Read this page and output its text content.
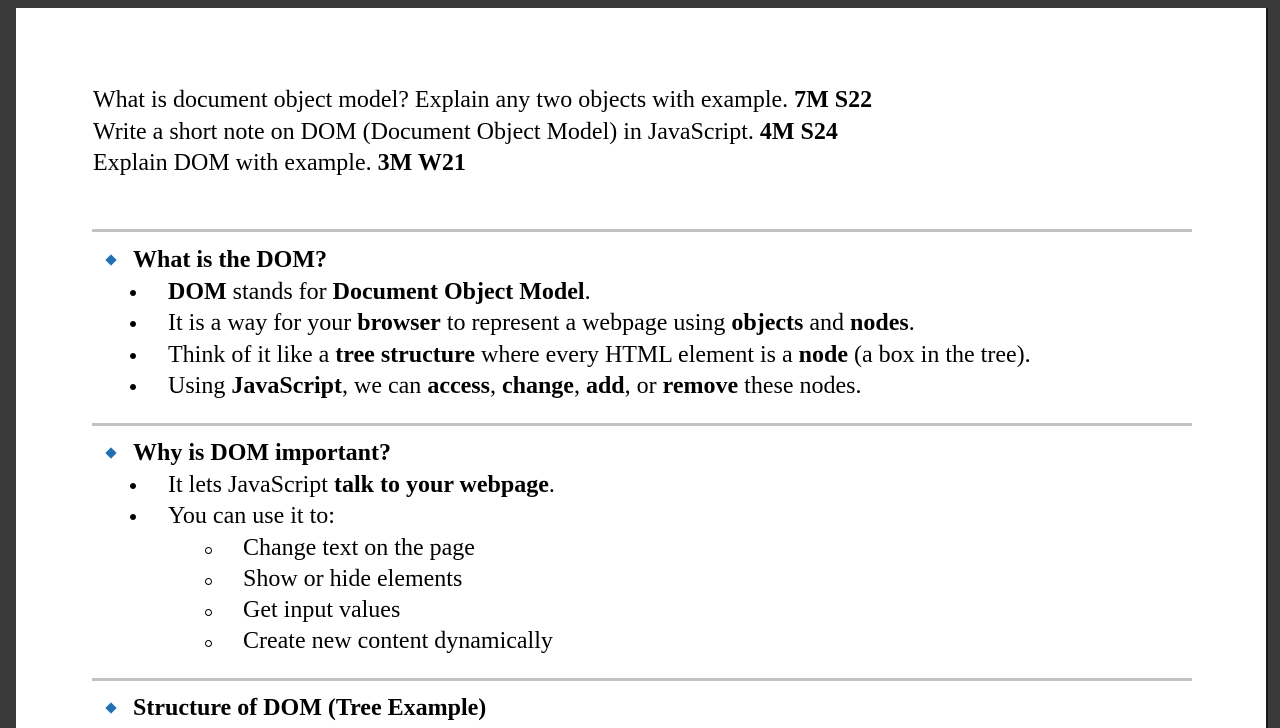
What is document object model? Explain any two objects with example. 7M S22
Write a short note on DOM (Document Object Model) in JavaScript. 4M S24
Explain DOM with example. 3M W21
What is the DOM?
DOM stands for Document Object Model.
It is a way for your browser to represent a webpage using objects and nodes.
Think of it like a tree structure where every HTML element is a node (a box in the tree).
Using JavaScript, we can access, change, add, or remove these nodes.
Why is DOM important?
It lets JavaScript talk to your webpage.
You can use it to:
Change text on the page
Show or hide elements
Get input values
Create new content dynamically
Structure of DOM (Tree Example)
